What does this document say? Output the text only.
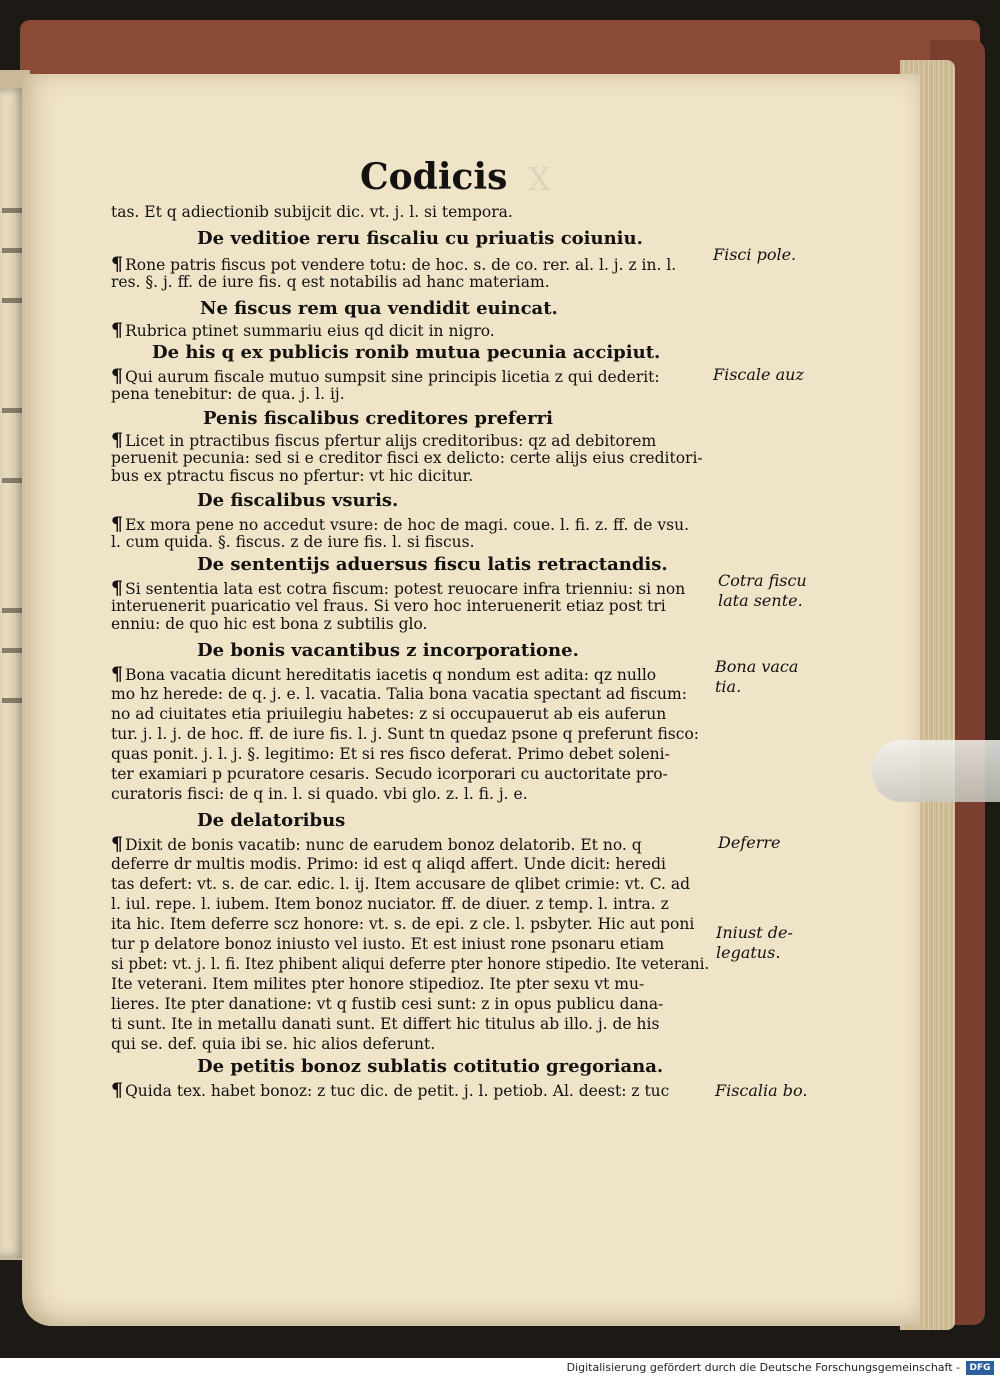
Codicis X

tas. Et q adiectionib subijcit dic. vt. j. l. si tempora.

De veditioe reru fiscaliu cu priuatis coiuniu.

¶ Rone patris fiscus pot vendere totu: de hoc. s. de co. rer. al. l. j. z in. l.

res. §. j. ff. de iure fis. q est notabilis ad hanc materiam.

Ne fiscus rem qua vendidit euincat.

¶ Rubrica ptinet summariu eius qd dicit in nigro.

De his q ex publicis ronib mutua pecunia accipiut.

¶ Qui aurum fiscale mutuo sumpsit sine principis licetia z qui dederit:

pena tenebitur: de qua. j. l. ij.

Penis fiscalibus creditores preferri

¶ Licet in ptractibus fiscus pfertur alijs creditoribus: qz ad debitorem

peruenit pecunia: sed si e creditor fisci ex delicto: certe alijs eius creditori-

bus ex ptractu fiscus no pfertur: vt hic dicitur.

De fiscalibus vsuris.

¶ Ex mora pene no accedut vsure: de hoc de magi. coue. l. fi. z. ff. de vsu.

l. cum quida. §. fiscus. z de iure fis. l. si fiscus.

De sententijs aduersus fiscu latis retractandis.

¶ Si sententia lata est cotra fiscum: potest reuocare infra trienniu: si non

interuenerit puaricatio vel fraus. Si vero hoc interuenerit etiaz post tri

enniu: de quo hic est bona z subtilis glo.

De bonis vacantibus z incorporatione.

¶ Bona vacatia dicunt hereditatis iacetis q nondum est adita: qz nullo

mo hz herede: de q. j. e. l. vacatia. Talia bona vacatia spectant ad fiscum:

no ad ciuitates etia priuilegiu habetes: z si occupauerut ab eis auferun

tur. j. l. j. de hoc. ff. de iure fis. l. j. Sunt tn quedaz psone q preferunt fisco:

quas ponit. j. l. j. §. legitimo: Et si res fisco deferat. Primo debet soleni-

ter examiari p pcuratore cesaris. Secudo icorporari cu auctoritate pro-

curatoris fisci: de q in. l. si quado. vbi glo. z. l. fi. j. e.

De delatoribus

¶ Dixit de bonis vacatib: nunc de earudem bonoz delatorib. Et no. q

deferre dr multis modis. Primo: id est q aliqd affert. Unde dicit: heredi

tas defert: vt. s. de car. edic. l. ij. Item accusare de qlibet crimie: vt. C. ad

l. iul. repe. l. iubem. Item bonoz nuciator. ff. de diuer. z temp. l. intra. z

ita hic. Item deferre scz honore: vt. s. de epi. z cle. l. psbyter. Hic aut poni

tur p delatore bonoz iniusto vel iusto. Et est iniust rone psonaru etiam

si pbet: vt. j. l. fi. Itez phibent aliqui deferre pter honore stipedio. Ite veterani.

Ite veterani. Item milites pter honore stipedioz. Ite pter sexu vt mu-

lieres. Ite pter danatione: vt q fustib cesi sunt: z in opus publicu dana-

ti sunt. Ite in metallu danati sunt. Et differt hic titulus ab illo. j. de his

qui se. def. quia ibi se. hic alios deferunt.

De petitis bonoz sublatis cotitutio gregoriana.

¶ Quida tex. habet bonoz: z tuc dic. de petit. j. l. petiob. Al. deest: z tuc

Fisci pole.

Fiscale auz

Cotra fiscu

lata sente.

Bona vaca

tia.

Deferre

Iniust de-

legatus.

Fiscalia bo.

Digitalisierung gefördert durch die Deutsche Forschungsgemeinschaft -	DFG
